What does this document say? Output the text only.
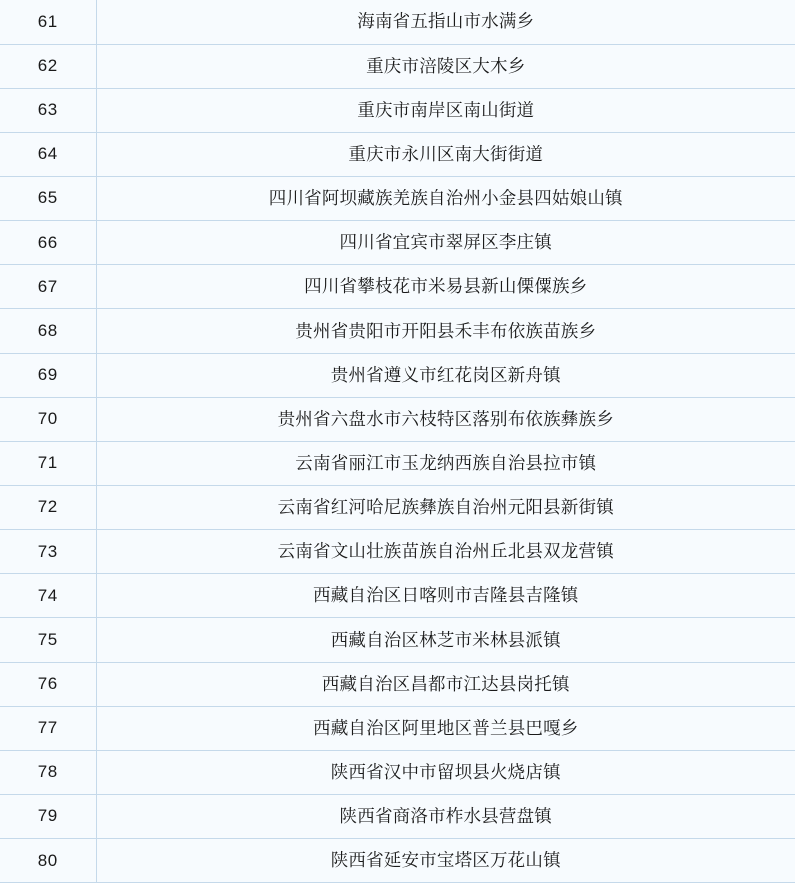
61	海南省五指山市水满乡
62	重庆市涪陵区大木乡
63	重庆市南岸区南山街道
64	重庆市永川区南大街街道
65	四川省阿坝藏族羌族自治州小金县四姑娘山镇
66	四川省宜宾市翠屏区李庄镇
67	四川省攀枝花市米易县新山傈僳族乡
68	贵州省贵阳市开阳县禾丰布依族苗族乡
69	贵州省遵义市红花岗区新舟镇
70	贵州省六盘水市六枝特区落别布依族彝族乡
71	云南省丽江市玉龙纳西族自治县拉市镇
72	云南省红河哈尼族彝族自治州元阳县新街镇
73	云南省文山壮族苗族自治州丘北县双龙营镇
74	西藏自治区日喀则市吉隆县吉隆镇
75	西藏自治区林芝市米林县派镇
76	西藏自治区昌都市江达县岗托镇
77	西藏自治区阿里地区普兰县巴嘎乡
78	陕西省汉中市留坝县火烧店镇
79	陕西省商洛市柞水县营盘镇
80	陕西省延安市宝塔区万花山镇
